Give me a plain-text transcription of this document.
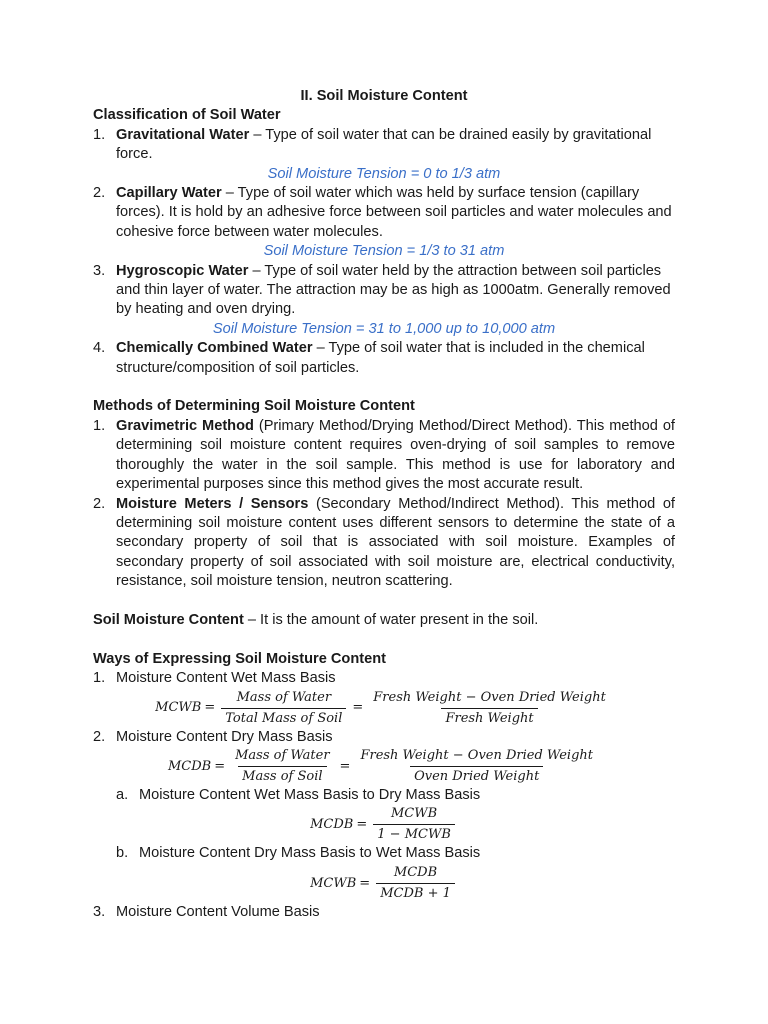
II. Soil Moisture Content

Classification of Soil Water

1. Gravitational Water – Type of soil water that can be drained easily by gravitational force.
Soil Moisture Tension = 0 to 1/3 atm
2. Capillary Water – Type of soil water which was held by surface tension (capillary forces). It is hold by an adhesive force between soil particles and water molecules and cohesive force between water molecules.
Soil Moisture Tension = 1/3 to 31 atm
3. Hygroscopic Water – Type of soil water held by the attraction between soil particles and thin layer of water. The attraction may be as high as 1000atm. Generally removed by heating and oven drying.
Soil Moisture Tension = 31 to 1,000 up to 10,000 atm
4. Chemically Combined Water – Type of soil water that is included in the chemical structure/composition of soil particles.

Methods of Determining Soil Moisture Content

1. Gravimetric Method (Primary Method/Drying Method/Direct Method). This method of determining soil moisture content requires oven-drying of soil samples to remove thoroughly the water in the soil sample. This method is use for laboratory and experimental purposes since this method gives the most accurate result.
2. Moisture Meters / Sensors (Secondary Method/Indirect Method). This method of determining soil moisture content uses different sensors to determine the state of a secondary property of soil that is associated with soil moisture. Examples of secondary property of soil associated with soil moisture are, electrical conductivity, resistance, soil moisture tension, neutron scattering.

Soil Moisture Content – It is the amount of water present in the soil.

Ways of Expressing Soil Moisture Content

1. Moisture Content Wet Mass Basis
MCWB = $\frac{\text{Mass of Water}}{\text{Total Mass of Soil}} = \frac{\text{Fresh Weight − Oven Dried Weight}}{\text{Fresh Weight}}$
2. Moisture Content Dry Mass Basis
MCDB = $\frac{\text{Mass of Water}}{\text{Mass of Soil}} = \frac{\text{Fresh Weight − Oven Dried Weight}}{\text{Oven Dried Weight}}$
a. Moisture Content Wet Mass Basis to Dry Mass Basis
MCDB = $\frac{\text{MCWB}}{\text{1 − MCWB}}$
b. Moisture Content Dry Mass Basis to Wet Mass Basis
MCWB = $\frac{\text{MCDB}}{\text{MCDB + 1}}$
3. Moisture Content Volume Basis
